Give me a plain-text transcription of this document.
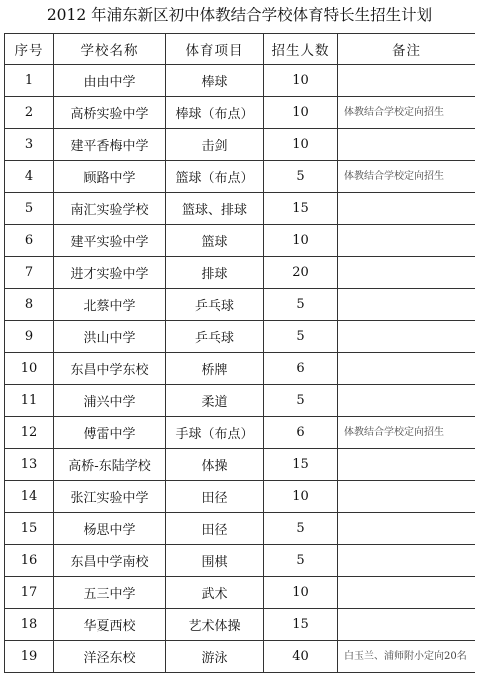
2012 年浦东新区初中体教结合学校体育特长生招生计划
序号	学校名称	体育项目	招生人数	备注
1	由由中学	棒球	10	
2	高桥实验中学	棒球（布点）	10	体教结合学校定向招生
3	建平香梅中学	击剑	10	
4	顾路中学	篮球（布点）	5	体教结合学校定向招生
5	南汇实验学校	篮球、排球	15	
6	建平实验中学	篮球	10	
7	进才实验中学	排球	20	
8	北蔡中学	乒乓球	5	
9	洪山中学	乒乓球	5	
10	东昌中学东校	桥牌	6	
11	浦兴中学	柔道	5	
12	傅雷中学	手球（布点）	6	体教结合学校定向招生
13	高桥-东陆学校	体操	15	
14	张江实验中学	田径	10	
15	杨思中学	田径	5	
16	东昌中学南校	围棋	5	
17	五三中学	武术	10	
18	华夏西校	艺术体操	15	
19	洋泾东校	游泳	40	白玉兰、浦师附小定向20名
